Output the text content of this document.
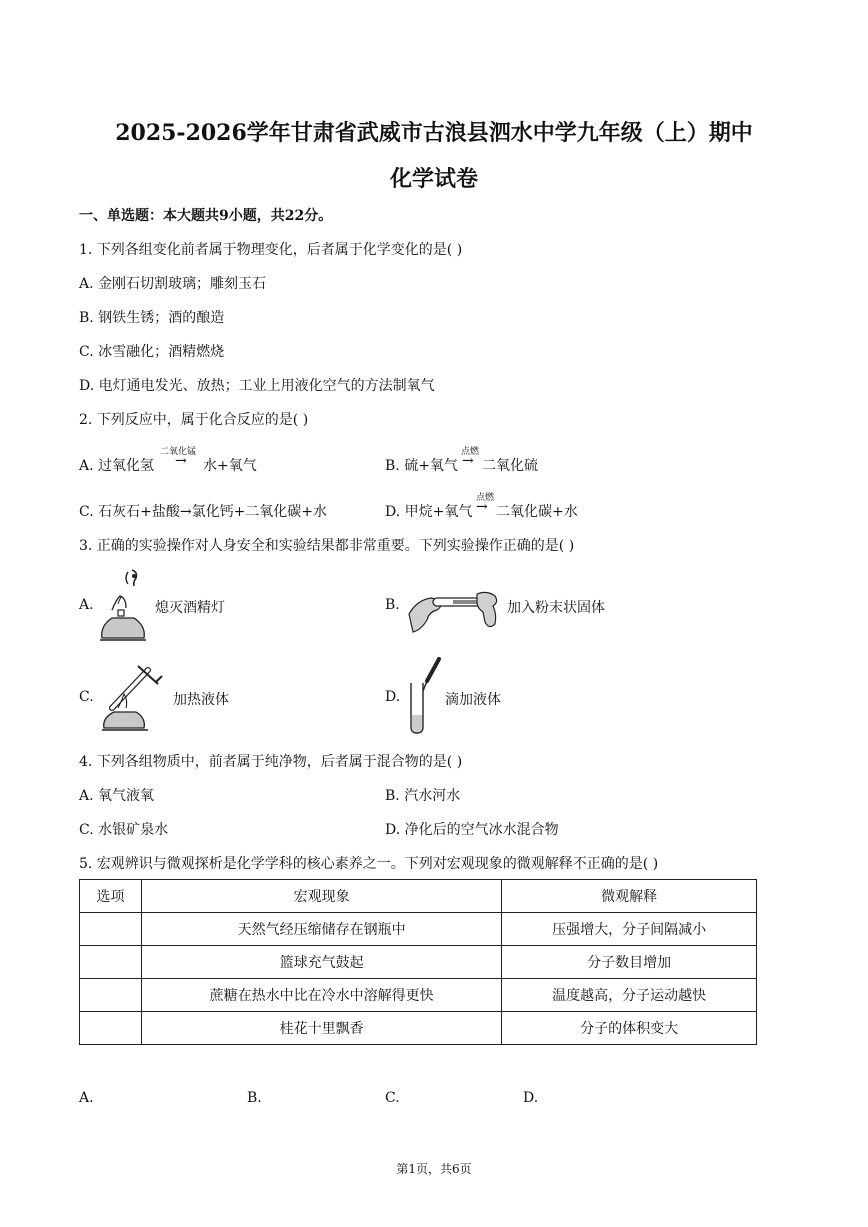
2025-2026学年甘肃省武威市古浪县泗水中学九年级（上）期中
化学试卷
一、单选题：本大题共9小题，共22分。
1. 下列各组变化前者属于物理变化，后者属于化学变化的是( )
A. 金刚石切割玻璃；雕刻玉石
B. 钢铁生锈；酒的酿造
C. 冰雪融化；酒精燃烧
D. 电灯通电发光、放热；工业上用液化空气的方法制氧气
2. 下列反应中，属于化合反应的是( )
A. 过氧化氢
二氧化锰
→ 水+氧气	B. 硫+氧气
点燃
→ 二氧化硫
C. 石灰石+盐酸→氯化钙+二氧化碳+水	D. 甲烷+氧气
点燃
→ 二氧化碳+水
3. 正确的实验操作对人身安全和实验结果都非常重要。下列实验操作正确的是( )
A.	熄灭酒精灯	B.	加入粉末状固体
C.	加热液体	D.	滴加液体
4. 下列各组物质中，前者属于纯净物，后者属于混合物的是( )
A. 氧气液氧	B. 汽水河水
C. 水银矿泉水	D. 净化后的空气冰水混合物
5. 宏观辨识与微观探析是化学学科的核心素养之一。下列对宏观现象的微观解释不正确的是( )
选项	宏观现象	微观解释
	天然气经压缩储存在钢瓶中	压强增大，分子间隔减小
	篮球充气鼓起	分子数目增加
	蔗糖在热水中比在冷水中溶解得更快	温度越高，分子运动越快
	桂花十里飘香	分子的体积变大
A.	B.	C.	D.
第1页，共6页
